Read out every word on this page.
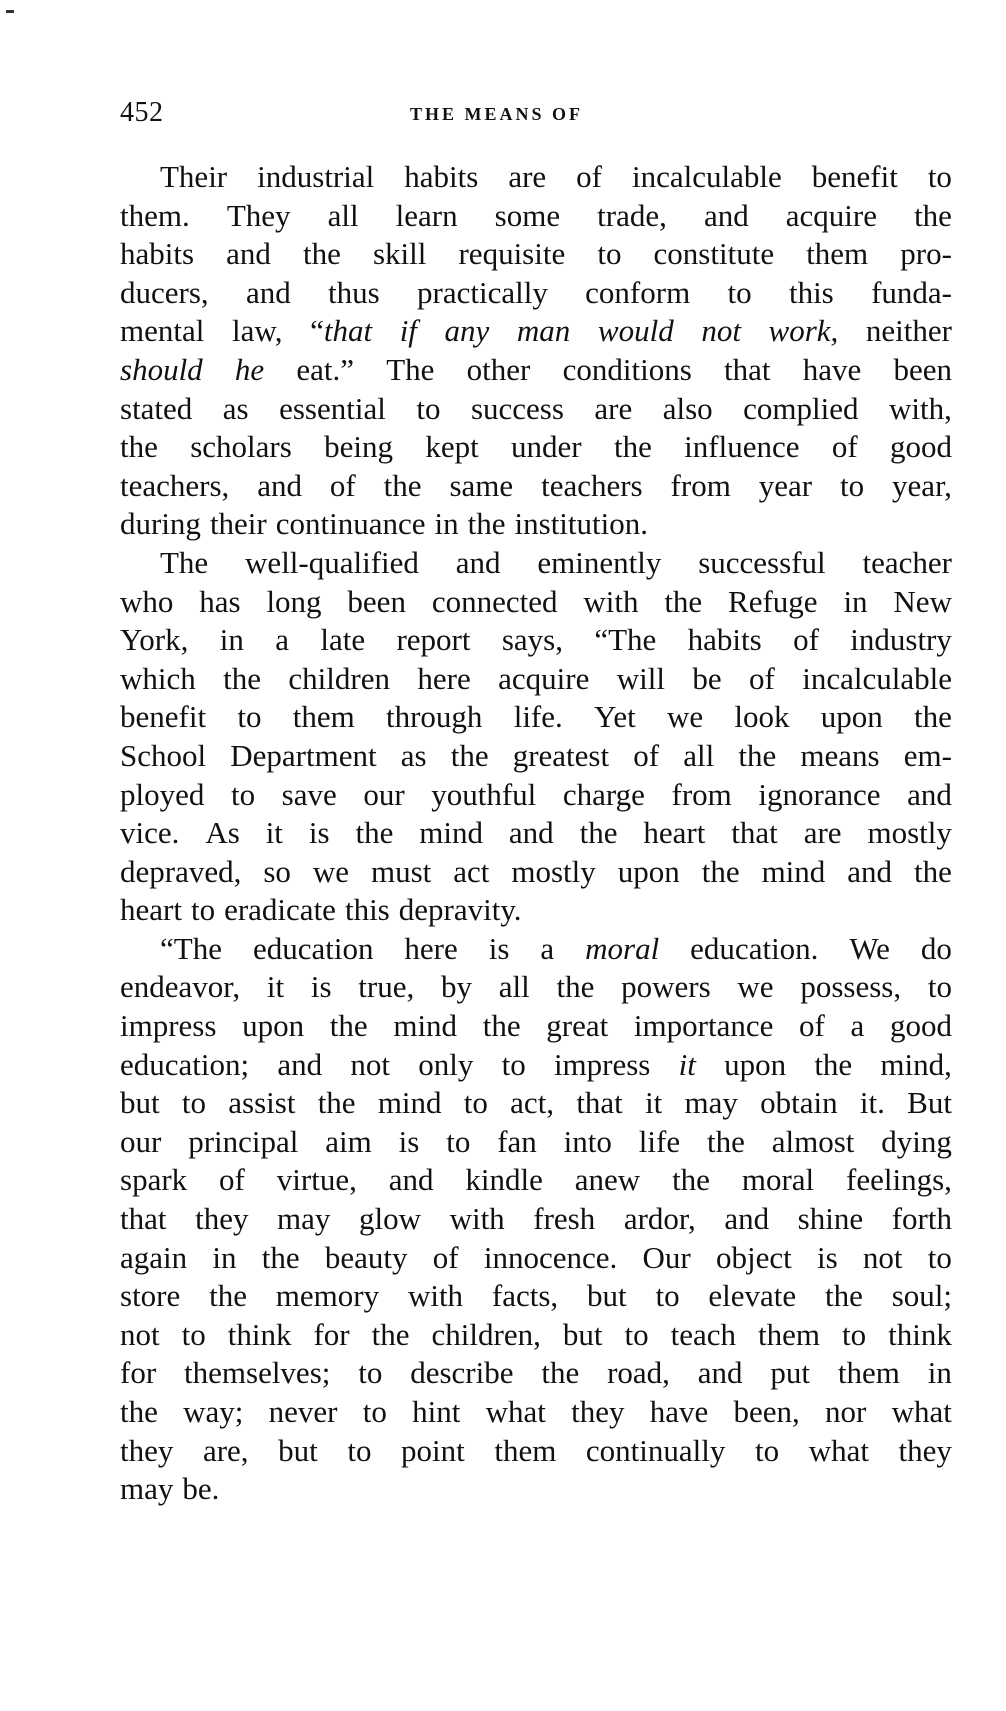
452	THE MEANS OF
Their industrial habits are of incalculable benefit to
them. They all learn some trade, and acquire the
habits and the skill requisite to constitute them pro-
ducers, and thus practically conform to this funda-
mental law, “that if any man would not work, neither
should he eat.” The other conditions that have been
stated as essential to success are also complied with,
the scholars being kept under the influence of good
teachers, and of the same teachers from year to year,
during their continuance in the institution.
The well-qualified and eminently successful teacher
who has long been connected with the Refuge in New
York, in a late report says, “The habits of industry
which the children here acquire will be of incalculable
benefit to them through life. Yet we look upon the
School Department as the greatest of all the means em-
ployed to save our youthful charge from ignorance and
vice. As it is the mind and the heart that are mostly
depraved, so we must act mostly upon the mind and the
heart to eradicate this depravity.
“The education here is a moral education. We do
endeavor, it is true, by all the powers we possess, to
impress upon the mind the great importance of a good
education; and not only to impress it upon the mind,
but to assist the mind to act, that it may obtain it. But
our principal aim is to fan into life the almost dying
spark of virtue, and kindle anew the moral feelings,
that they may glow with fresh ardor, and shine forth
again in the beauty of innocence. Our object is not to
store the memory with facts, but to elevate the soul;
not to think for the children, but to teach them to think
for themselves; to describe the road, and put them in
the way; never to hint what they have been, nor what
they are, but to point them continually to what they
may be.
